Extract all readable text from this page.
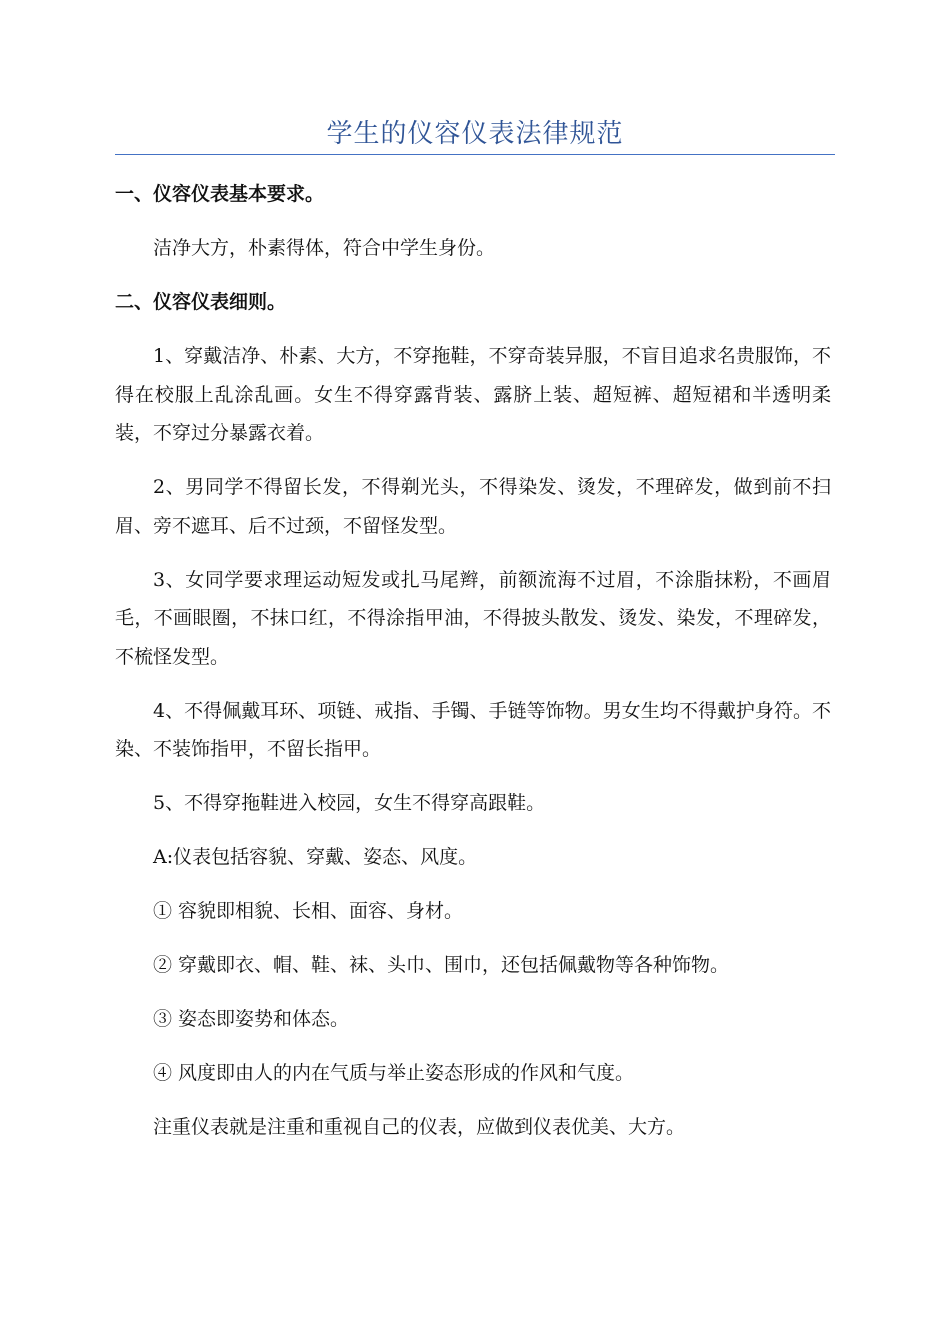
学生的仪容仪表法律规范

一、仪容仪表基本要求。

洁净大方，朴素得体，符合中学生身份。

二、仪容仪表细则。

1、穿戴洁净、朴素、大方，不穿拖鞋，不穿奇装异服，不盲目追求名贵服饰，不得在校服上乱涂乱画。女生不得穿露背装、露脐上装、超短裤、超短裙和半透明柔装，不穿过分暴露衣着。

2、男同学不得留长发，不得剃光头，不得染发、烫发，不理碎发，做到前不扫眉、旁不遮耳、后不过颈，不留怪发型。

3、女同学要求理运动短发或扎马尾辫，前额流海不过眉，不涂脂抹粉，不画眉毛，不画眼圈，不抹口红，不得涂指甲油，不得披头散发、烫发、染发，不理碎发，不梳怪发型。

4、不得佩戴耳环、项链、戒指、手镯、手链等饰物。男女生均不得戴护身符。不染、不装饰指甲，不留长指甲。

5、不得穿拖鞋进入校园，女生不得穿高跟鞋。

A:仪表包括容貌、穿戴、姿态、风度。

① 容貌即相貌、长相、面容、身材。

② 穿戴即衣、帽、鞋、袜、头巾、围巾，还包括佩戴物等各种饰物。

③ 姿态即姿势和体态。

④ 风度即由人的内在气质与举止姿态形成的作风和气度。

注重仪表就是注重和重视自己的仪表，应做到仪表优美、大方。
